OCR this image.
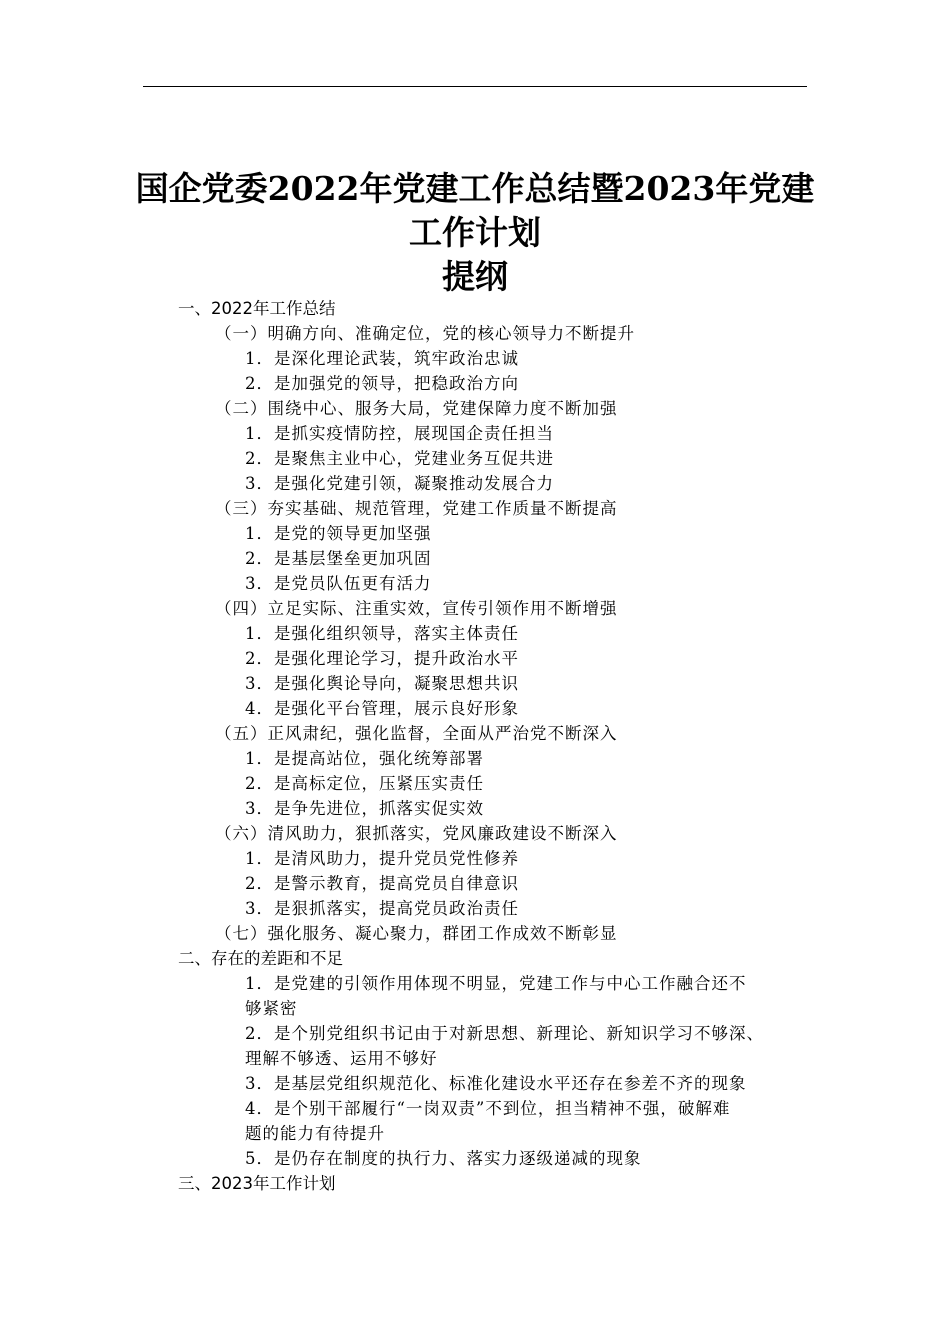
国企党委2022年党建工作总结暨2023年党建
工作计划
提纲
一、2022年工作总结
（一）明确方向、准确定位，党的核心领导力不断提升
1．是深化理论武装，筑牢政治忠诚
2．是加强党的领导，把稳政治方向
（二）围绕中心、服务大局，党建保障力度不断加强
1．是抓实疫情防控，展现国企责任担当
2．是聚焦主业中心，党建业务互促共进
3．是强化党建引领，凝聚推动发展合力
（三）夯实基础、规范管理，党建工作质量不断提高
1．是党的领导更加坚强
2．是基层堡垒更加巩固
3．是党员队伍更有活力
（四）立足实际、注重实效，宣传引领作用不断增强
1．是强化组织领导，落实主体责任
2．是强化理论学习，提升政治水平
3．是强化舆论导向，凝聚思想共识
4．是强化平台管理，展示良好形象
（五）正风肃纪，强化监督，全面从严治党不断深入
1．是提高站位，强化统筹部署
2．是高标定位，压紧压实责任
3．是争先进位，抓落实促实效
（六）清风助力，狠抓落实，党风廉政建设不断深入
1．是清风助力，提升党员党性修养
2．是警示教育，提高党员自律意识
3．是狠抓落实，提高党员政治责任
（七）强化服务、凝心聚力，群团工作成效不断彰显
二、存在的差距和不足
1．是党建的引领作用体现不明显，党建工作与中心工作融合还不
够紧密
2．是个别党组织书记由于对新思想、新理论、新知识学习不够深、
理解不够透、运用不够好
3．是基层党组织规范化、标准化建设水平还存在参差不齐的现象
4．是个别干部履行“一岗双责”不到位，担当精神不强，破解难
题的能力有待提升
5．是仍存在制度的执行力、落实力逐级递减的现象
三、2023年工作计划
